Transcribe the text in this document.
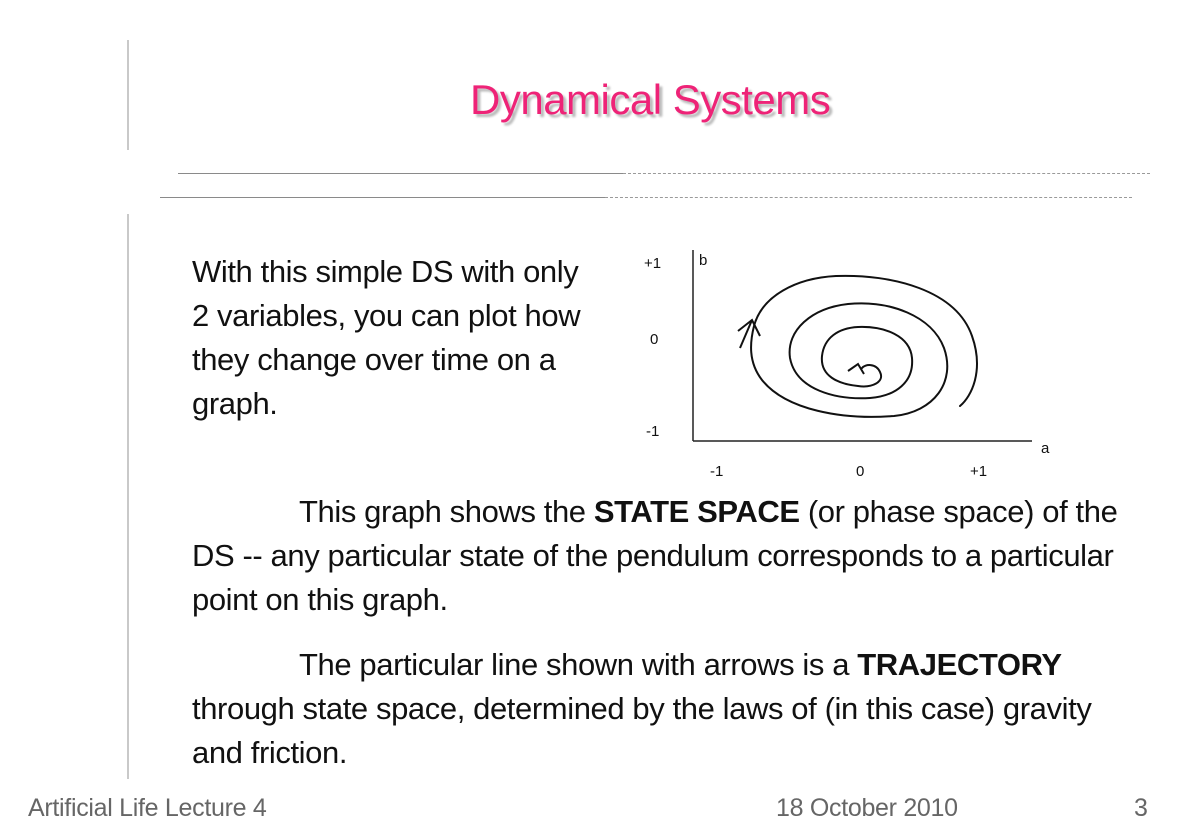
Dynamical Systems

With this simple DS with only 2 variables, you can plot how they change over time on a graph.

+1
0
-1
-1	0	+1
b
a

This graph shows the STATE SPACE (or phase space) of the DS -- any particular state of the pendulum corresponds to a particular point on this graph.

The particular line shown with arrows is a TRAJECTORY through state space, determined by the laws of (in this case) gravity and friction.

Artificial Life Lecture 4	18 October 2010	3
